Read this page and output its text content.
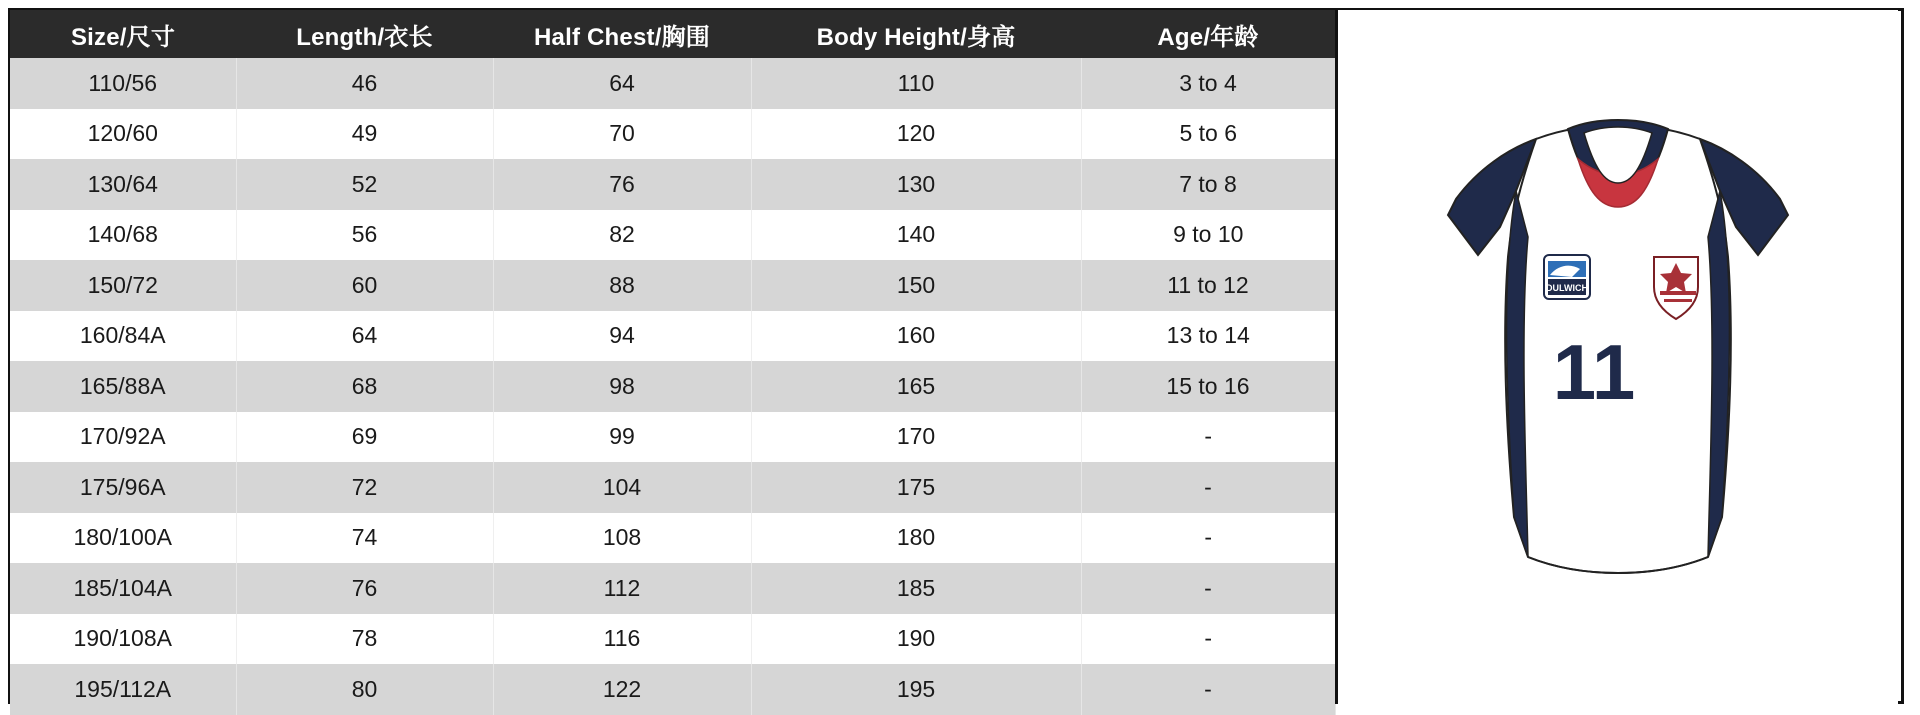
Size/尺寸	Length/衣长	Half Chest/胸围	Body Height/身高	Age/年龄
110/56	46	64	110	3 to 4
120/60	49	70	120	5 to 6
130/64	52	76	130	7 to 8
140/68	56	82	140	9 to 10
150/72	60	88	150	11 to 12
160/84A	64	94	160	13 to 14
165/88A	68	98	165	15 to 16
170/92A	69	99	170	-
175/96A	72	104	175	-
180/100A	74	108	180	-
185/104A	76	112	185	-
190/108A	78	116	190	-
195/112A	80	122	195	-
DULWICH
11
